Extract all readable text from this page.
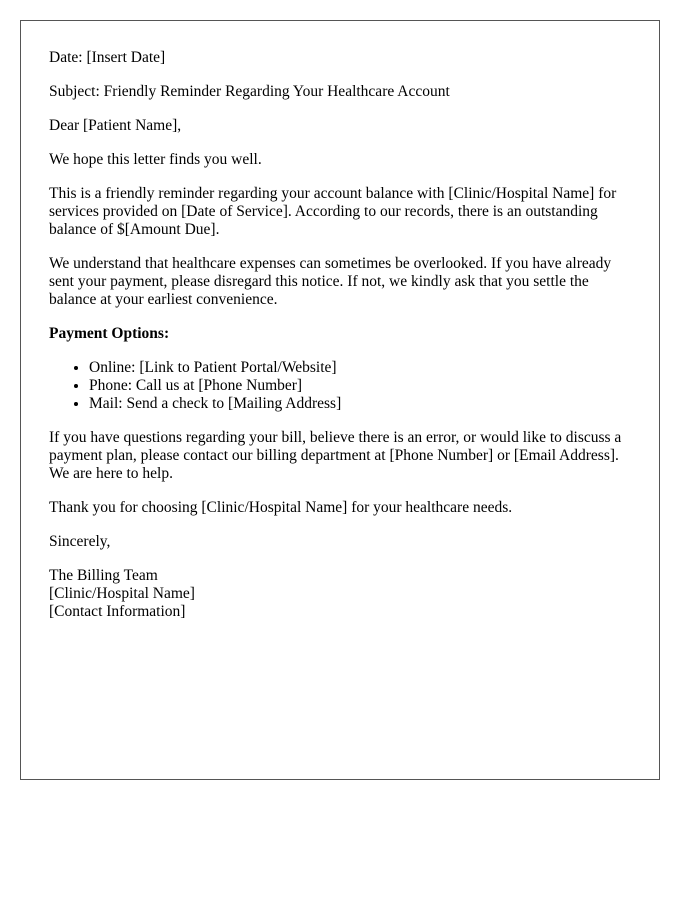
Date: [Insert Date]

Subject: Friendly Reminder Regarding Your Healthcare Account

Dear [Patient Name],

We hope this letter finds you well.

This is a friendly reminder regarding your account balance with [Clinic/Hospital Name] for services provided on [Date of Service]. According to our records, there is an outstanding balance of $[Amount Due].

We understand that healthcare expenses can sometimes be overlooked. If you have already sent your payment, please disregard this notice. If not, we kindly ask that you settle the balance at your earliest convenience.

Payment Options:

• Online: [Link to Patient Portal/Website]
• Phone: Call us at [Phone Number]
• Mail: Send a check to [Mailing Address]

If you have questions regarding your bill, believe there is an error, or would like to discuss a payment plan, please contact our billing department at [Phone Number] or [Email Address]. We are here to help.

Thank you for choosing [Clinic/Hospital Name] for your healthcare needs.

Sincerely,

The Billing Team
[Clinic/Hospital Name]
[Contact Information]
